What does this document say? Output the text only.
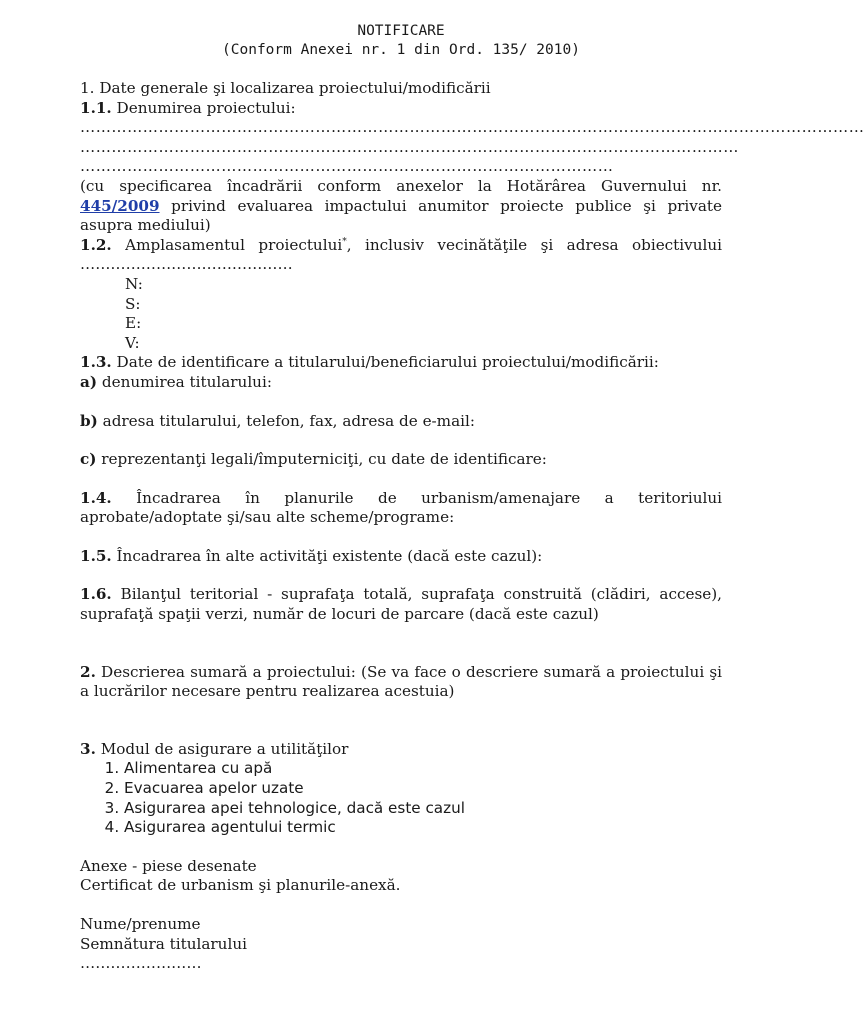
NOTIFICARE
(Conform Anexei nr. 1 din Ord. 135/ 2010)
1. Date generale şi localizarea proiectului/modificării
1.1. Denumirea proiectului:
……………………………………………………………………………………………………………………………………
………………………………………………………………………………………………………………
…………………………………………………………………………………………
(cu specificarea încadrării conform anexelor la Hotărârea Guvernului nr. 445/2009 privind evaluarea impactului anumitor proiecte publice şi private asupra mediului)
1.2. Amplasamentul proiectului*, inclusiv vecinătăţile şi adresa obiectivului ……………………………………
N:
S:
E:
V:
1.3. Date de identificare a titularului/beneficiarului proiectului/modificării:
a) denumirea titularului:
b) adresa titularului, telefon, fax, adresa de e-mail:
c) reprezentanţi legali/împuterniciţi, cu date de identificare:
1.4. Încadrarea în planurile de urbanism/amenajare a teritoriului aprobate/adoptate şi/sau alte scheme/programe:
1.5. Încadrarea în alte activităţi existente (dacă este cazul):
1.6. Bilanţul teritorial - suprafaţa totală, suprafaţa construită (clădiri, accese), suprafaţă spaţii verzi, număr de locuri de parcare (dacă este cazul)
2. Descrierea sumară a proiectului: (Se va face o descriere sumară a proiectului şi a lucrărilor necesare pentru realizarea acestuia)
3. Modul de asigurare a utilităţilor
1. Alimentarea cu apă
2. Evacuarea apelor uzate
3. Asigurarea apei tehnologice, dacă este cazul
4. Asigurarea agentului termic
Anexe - piese desenate
Certificat de urbanism şi planurile-anexă.
Nume/prenume
Semnătura titularului
……………………
